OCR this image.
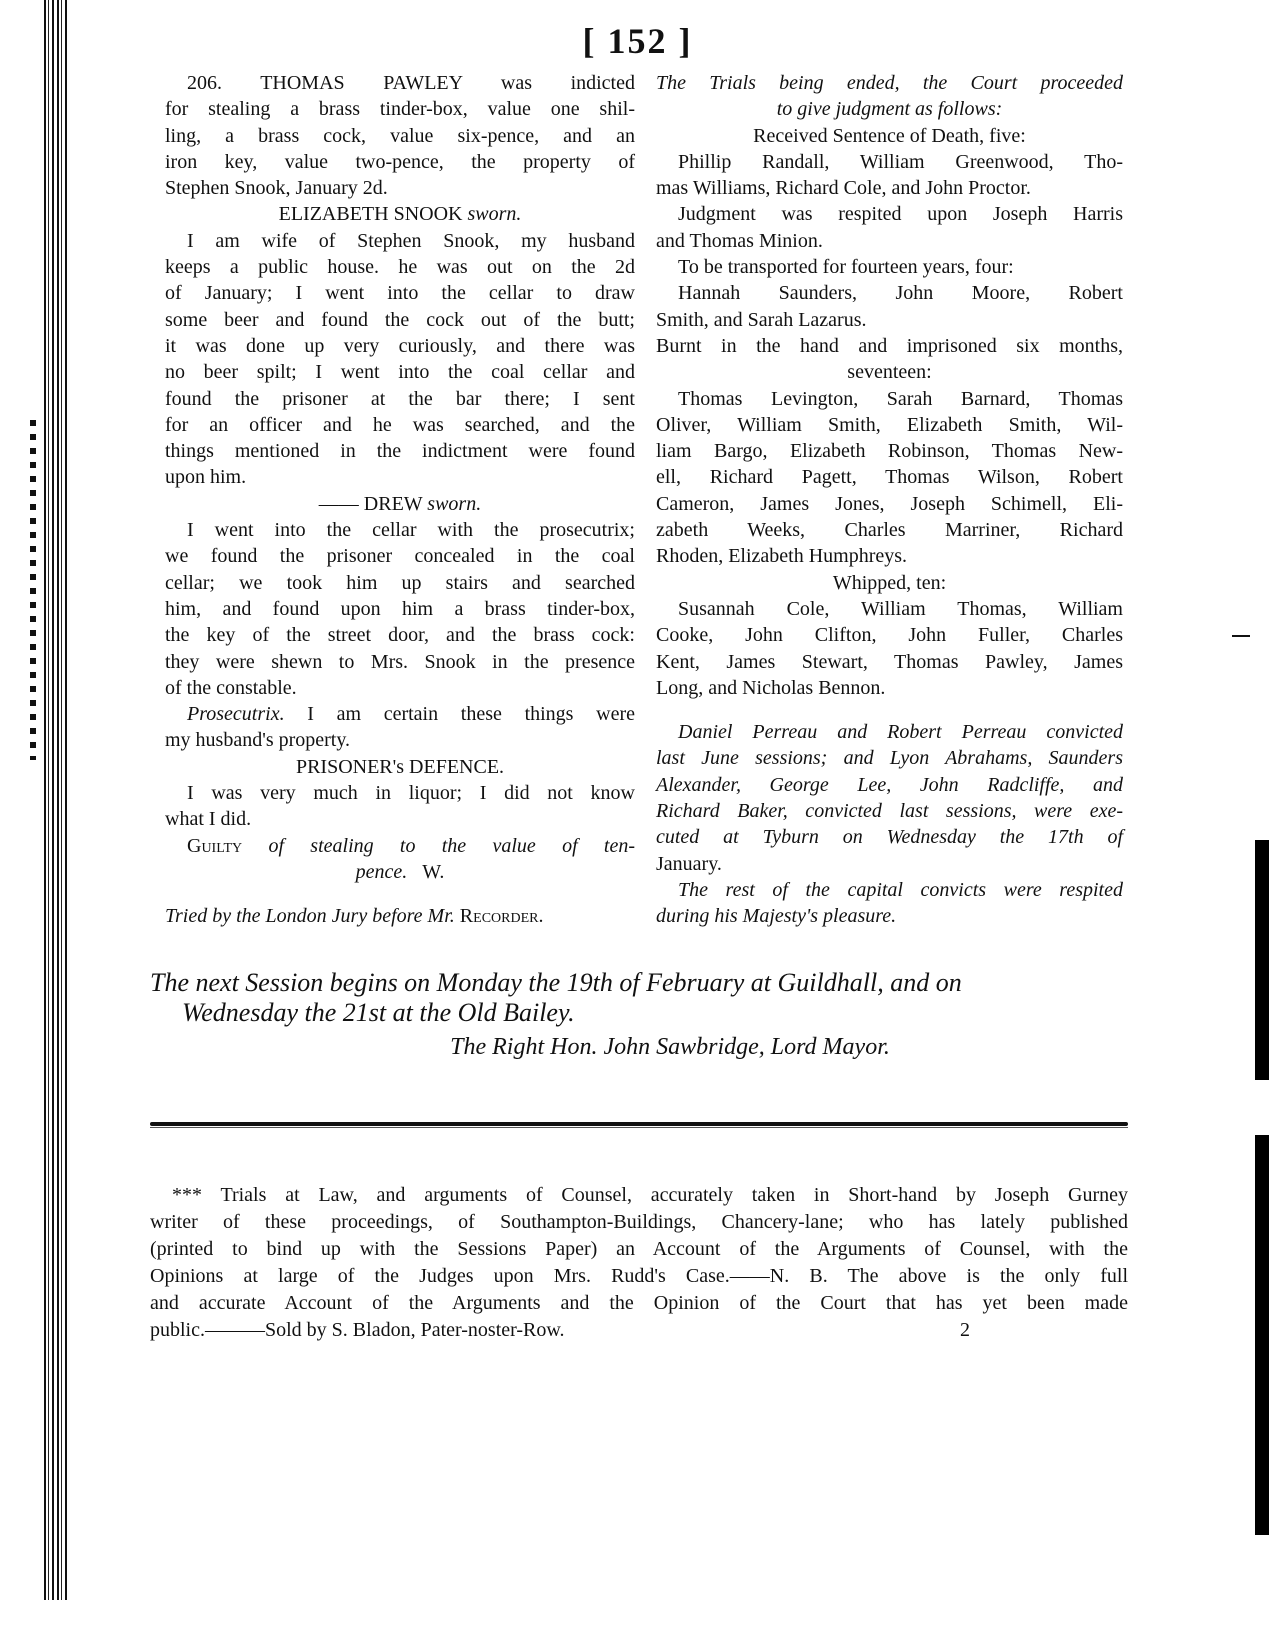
[ 152 ]

206. THOMAS PAWLEY was indicted

for stealing a brass tinder-box, value one shil-

ling, a brass cock, value six-pence, and an

iron key, value two-pence, the property of

Stephen Snook, January 2d.

ELIZABETH SNOOK sworn.

I am wife of Stephen Snook, my husband

keeps a public house. he was out on the 2d

of January; I went into the cellar to draw

some beer and found the cock out of the butt;

it was done up very curiously, and there was

no beer spilt; I went into the coal cellar and

found the prisoner at the bar there; I sent

for an officer and he was searched, and the

things mentioned in the indictment were found

upon him.

—— DREW sworn.

I went into the cellar with the prosecutrix;

we found the prisoner concealed in the coal

cellar; we took him up stairs and searched

him, and found upon him a brass tinder-box,

the key of the street door, and the brass cock:

they were shewn to Mrs. Snook in the presence

of the constable.

Prosecutrix. I am certain these things were

my husband's property.

PRISONER's DEFENCE.

I was very much in liquor; I did not know

what I did.

Guilty of stealing to the value of ten-

pence. W.

Tried by the London Jury before Mr. Recorder.

The Trials being ended, the Court proceeded

to give judgment as follows:

Received Sentence of Death, five:

Phillip Randall, William Greenwood, Tho-

mas Williams, Richard Cole, and John Proctor.

Judgment was respited upon Joseph Harris

and Thomas Minion.

To be transported for fourteen years, four:

Hannah Saunders, John Moore, Robert

Smith, and Sarah Lazarus.

Burnt in the hand and imprisoned six months,

seventeen:

Thomas Levington, Sarah Barnard, Thomas

Oliver, William Smith, Elizabeth Smith, Wil-

liam Bargo, Elizabeth Robinson, Thomas New-

ell, Richard Pagett, Thomas Wilson, Robert

Cameron, James Jones, Joseph Schimell, Eli-

zabeth Weeks, Charles Marriner, Richard

Rhoden, Elizabeth Humphreys.

Whipped, ten:

Susannah Cole, William Thomas, William

Cooke, John Clifton, John Fuller, Charles

Kent, James Stewart, Thomas Pawley, James

Long, and Nicholas Bennon.

Daniel Perreau and Robert Perreau convicted

last June sessions; and Lyon Abrahams, Saunders

Alexander, George Lee, John Radcliffe, and

Richard Baker, convicted last sessions, were exe-

cuted at Tyburn on Wednesday the 17th of

January.

The rest of the capital convicts were respited

during his Majesty's pleasure.

The next Session begins on Monday the 19th of February at Guildhall, and on

Wednesday the 21st at the Old Bailey.

The Right Hon. John Sawbridge, Lord Mayor.

*** Trials at Law, and arguments of Counsel, accurately taken in Short-hand by Joseph Gurney

writer of these proceedings, of Southampton-Buildings, Chancery-lane; who has lately published

(printed to bind up with the Sessions Paper) an Account of the Arguments of Counsel, with the

Opinions at large of the Judges upon Mrs. Rudd's Case.——N. B. The above is the only full

and accurate Account of the Arguments and the Opinion of the Court that has yet been made

public.———Sold by S. Bladon, Pater-noster-Row.	2
